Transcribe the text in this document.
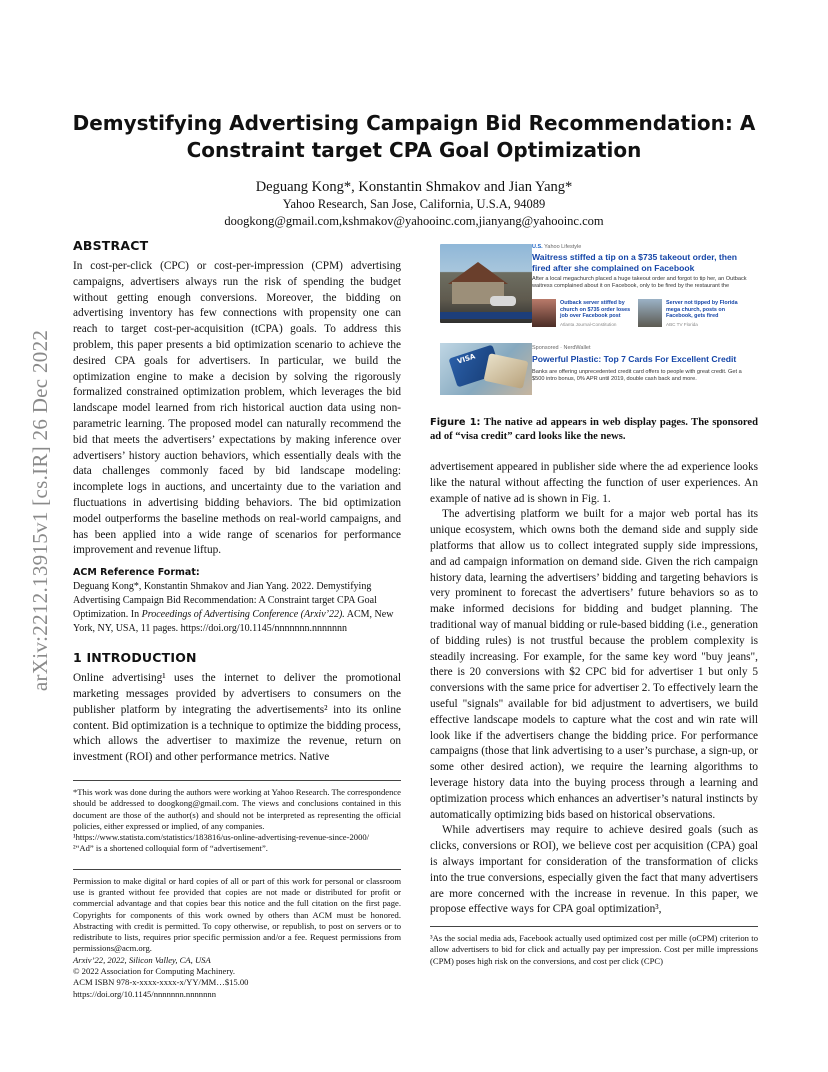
arXiv:2212.13915v1 [cs.IR] 26 Dec 2022
Demystifying Advertising Campaign Bid Recommendation: A
Constraint target CPA Goal Optimization
Deguang Kong*, Konstantin Shmakov and Jian Yang*
Yahoo Research, San Jose, California, U.S.A, 94089
doogkong@gmail.com,kshmakov@yahooinc.com,jianyang@yahooinc.com
ABSTRACT

In cost-per-click (CPC) or cost-per-impression (CPM) advertising campaigns, advertisers always run the risk of spending the budget without getting enough conversions. Moreover, the bidding on advertising inventory has few connections with propensity one can reach to target cost-per-acquisition (tCPA) goals. To address this problem, this paper presents a bid optimization scenario to achieve the desired CPA goals for advertisers. In particular, we build the optimization engine to make a decision by solving the rigorously formalized constrained optimization problem, which leverages the bid landscape model learned from rich historical auction data using non-parametric learning. The proposed model can naturally recommend the bid that meets the advertisers’ expectations by making inference over advertisers’ history auction behaviors, which essentially deals with the data challenges commonly faced by bid landscape modeling: incomplete logs in auctions, and uncertainty due to the variation and fluctuations in advertising bidding behaviors. The bid optimization model outperforms the baseline methods on real-world campaigns, and has been applied into a wide range of scenarios for performance improvement and revenue liftup.

ACM Reference Format:
Deguang Kong*, Konstantin Shmakov and Jian Yang. 2022. Demystifying Advertising Campaign Bid Recommendation: A Constraint target CPA Goal Optimization. In Proceedings of Advertising Conference (Arxiv’22). ACM, New York, NY, USA, 11 pages. https://doi.org/10.1145/nnnnnnn.nnnnnnn
1 INTRODUCTION

Online advertising¹ uses the internet to deliver the promotional marketing messages provided by advertisers to consumers on the publisher platform by integrating the advertisements² into its online content. Bid optimization is a technique to optimize the bidding process, which allows the advertiser to maximize the revenue, return on investment (ROI) and other performance metrics. Native

*This work was done during the authors were working at Yahoo Research. The correspondence should be addressed to doogkong@gmail.com. The views and conclusions contained in this document are those of the author(s) and should not be interpreted as representing the official policies, either expressed or implied, of any companies.
¹https://www.statista.com/statistics/183816/us-online-advertising-revenue-since-2000/
²“Ad” is a shortened colloquial form of “advertisement”.
Permission to make digital or hard copies of all or part of this work for personal or classroom use is granted without fee provided that copies are not made or distributed for profit or commercial advantage and that copies bear this notice and the full citation on the first page. Copyrights for components of this work owned by others than ACM must be honored. Abstracting with credit is permitted. To copy otherwise, or republish, to post on servers or to redistribute to lists, requires prior specific permission and/or a fee. Request permissions from permissions@acm.org.
Arxiv’22, 2022, Silicon Valley, CA, USA
© 2022 Association for Computing Machinery.
ACM ISBN 978-x-xxxx-xxxx-x/YY/MM…$15.00
https://doi.org/10.1145/nnnnnnn.nnnnnnn
U.S. Yahoo Lifestyle
Waitress stiffed a tip on a $735 takeout order, then fired after she complained on Facebook
After a local megachurch placed a huge takeout order and forgot to tip her, an Outback waitress complained about it on Facebook, only to be fired by the restaurant the
Outback server stiffed by church on $735 order loses job over Facebook post
Atlanta Journal-Constitution
Server not tipped by Florida mega church, posts on Facebook, gets fired
ABC TV Florida
VISA
Sponsored · NerdWallet
Powerful Plastic: Top 7 Cards For Excellent Credit
Banks are offering unprecedented credit card offers to people with great credit. Get a $500 intro bonus, 0% APR until 2019, double cash back and more.
Figure 1: The native ad appears in web display pages. The sponsored ad of “visa credit” card looks like the news.

advertisement appeared in publisher side where the ad experience looks like the natural without affecting the function of user experiences. An example of native ad is shown in Fig. 1.

The advertising platform we built for a major web portal has its unique ecosystem, which owns both the demand side and supply side platforms that allow us to collect integrated supply side impressions, and ad campaign information on demand side. Given the rich campaign history data, learning the advertisers’ bidding and targeting behaviors is very prominent to forecast the advertisers’ future behaviors so as to make informed decisions for bidding and budget planning. The traditional way of manual bidding or rule-based bidding (i.e., generation of bidding rules) is not trustful because the problem complexity is steadily increasing. For example, for the same key word "buy jeans", there is 20 conversions with $2 CPC bid for advertiser 1 but only 5 conversions with the same price for advertiser 2. To effectively learn the useful "signals" available for bid adjustment to advertisers, we build effective landscape models to capture what the cost and win rate will look like if the advertisers change the bidding price. For performance campaigns (those that link advertising to a user’s purchase, a sign-up, or some other desired action), we require the learning algorithms to leverage history data into the buying process through a learning and optimization process which enhances an advertiser’s natural instincts by automatically optimizing bids based on historical observations.

While advertisers may require to achieve desired goals (such as clicks, conversions or ROI), we believe cost per acquisition (CPA) goal is always important for consideration of the transformation of clicks into the true conversions, especially given the fact that many advertisers are more concerned with the increase in revenue. In this paper, we propose effective ways for CPA goal optimization³,

³As the social media ads, Facebook actually used optimized cost per mille (oCPM) criterion to allow advertisers to bid for click and actually pay per impression. Cost per mille impressions (CPM) poses high risk on the conversions, and cost per click (CPC)
